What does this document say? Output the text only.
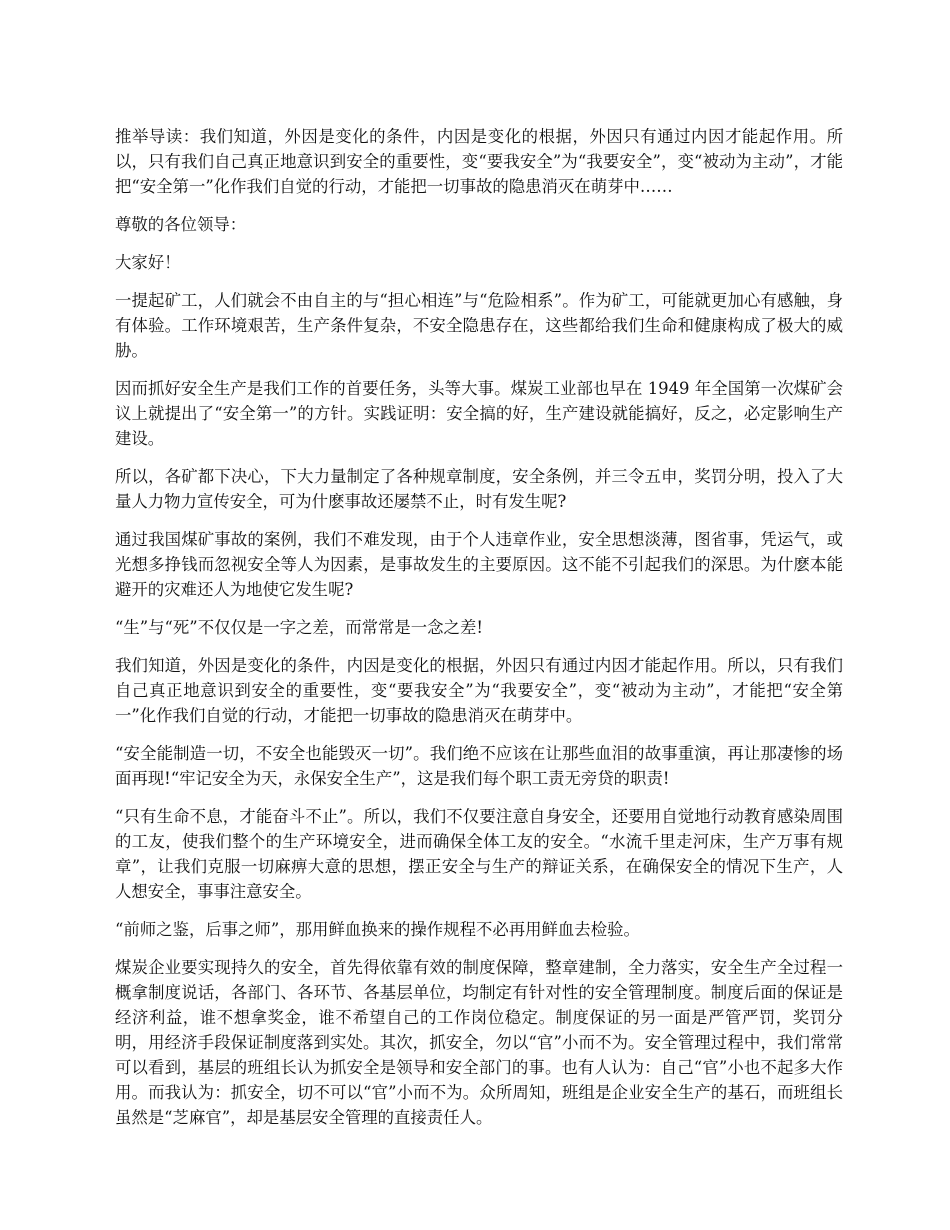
推举导读：我们知道，外因是变化的条件，内因是变化的根据，外因只有通过内因才能起作用。所以，只有我们自己真正地意识到安全的重要性，变“要我安全”为“我要安全”，变“被动为主动”，才能把“安全第一”化作我们自觉的行动，才能把一切事故的隐患消灭在萌芽中……

尊敬的各位领导：

大家好！

一提起矿工，人们就会不由自主的与“担心相连”与“危险相系”。作为矿工，可能就更加心有感触，身有体验。工作环境艰苦，生产条件复杂，不安全隐患存在，这些都给我们生命和健康构成了极大的威胁。

因而抓好安全生产是我们工作的首要任务，头等大事。煤炭工业部也早在 1949 年全国第一次煤矿会议上就提出了“安全第一”的方针。实践证明：安全搞的好，生产建设就能搞好，反之，必定影响生产建设。

所以，各矿都下决心，下大力量制定了各种规章制度，安全条例，并三令五申，奖罚分明，投入了大量人力物力宣传安全，可为什麽事故还屡禁不止，时有发生呢?

通过我国煤矿事故的案例，我们不难发现，由于个人违章作业，安全思想淡薄，图省事，凭运气，或光想多挣钱而忽视安全等人为因素，是事故发生的主要原因。这不能不引起我们的深思。为什麽本能避开的灾难还人为地使它发生呢?

“生”与“死”不仅仅是一字之差，而常常是一念之差!

我们知道，外因是变化的条件，内因是变化的根据，外因只有通过内因才能起作用。所以，只有我们自己真正地意识到安全的重要性，变“要我安全”为“我要安全”，变“被动为主动”，才能把“安全第一”化作我们自觉的行动，才能把一切事故的隐患消灭在萌芽中。

“安全能制造一切，不安全也能毁灭一切”。我们绝不应该在让那些血泪的故事重演，再让那凄惨的场面再现!“牢记安全为天，永保安全生产”，这是我们每个职工责无旁贷的职责!

“只有生命不息，才能奋斗不止”。所以，我们不仅要注意自身安全，还要用自觉地行动教育感染周围的工友，使我们整个的生产环境安全，进而确保全体工友的安全。“水流千里走河床，生产万事有规章”，让我们克服一切麻痹大意的思想，摆正安全与生产的辩证关系，在确保安全的情况下生产，人人想安全，事事注意安全。

“前师之鉴，后事之师”，那用鲜血换来的操作规程不必再用鲜血去检验。

煤炭企业要实现持久的安全，首先得依靠有效的制度保障，整章建制，全力落实，安全生产全过程一概拿制度说话，各部门、各环节、各基层单位，均制定有针对性的安全管理制度。制度后面的保证是经济利益，谁不想拿奖金，谁不希望自己的工作岗位稳定。制度保证的另一面是严管严罚，奖罚分明，用经济手段保证制度落到实处。其次，抓安全，勿以“官”小而不为。安全管理过程中，我们常常可以看到，基层的班组长认为抓安全是领导和安全部门的事。也有人认为：自己“官”小也不起多大作用。而我认为：抓安全，切不可以“官”小而不为。众所周知，班组是企业安全生产的基石，而班组长虽然是“芝麻官”，却是基层安全管理的直接责任人。
